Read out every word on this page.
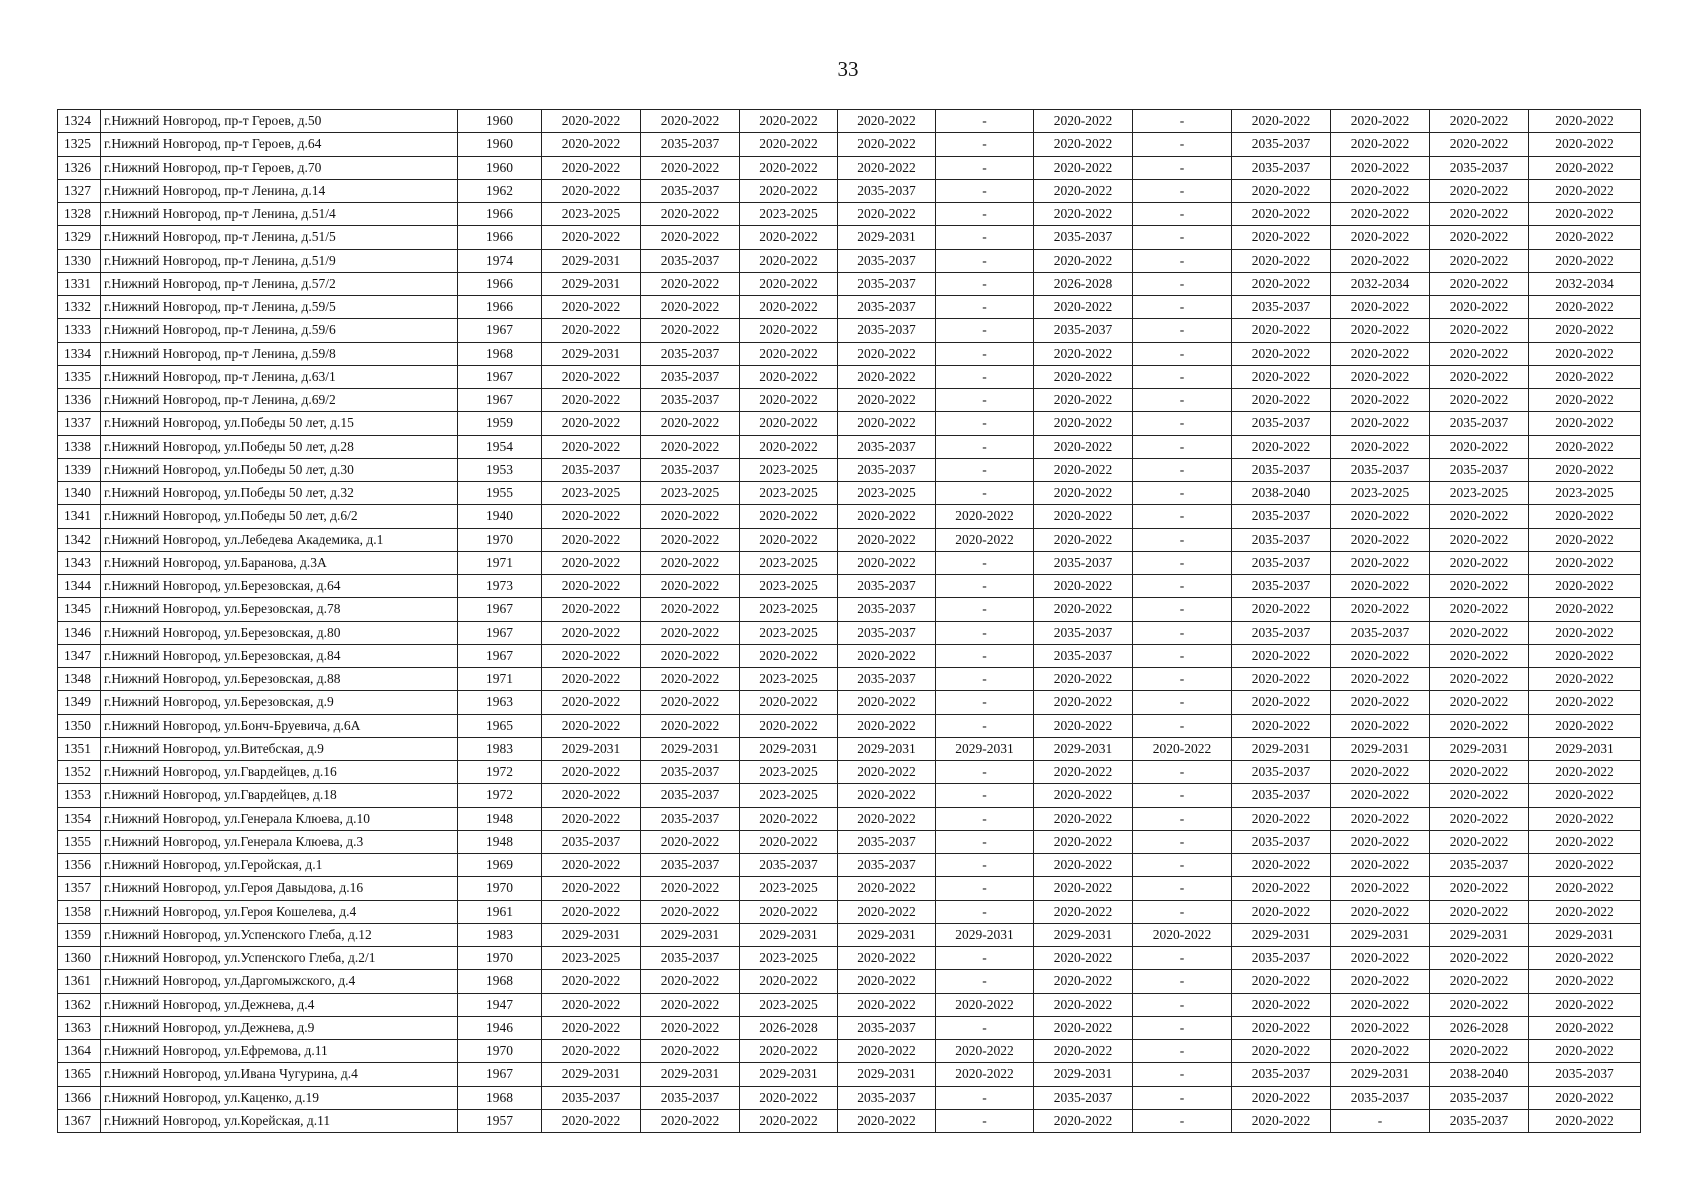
33
1324	г.Нижний Новгород, пр-т Героев, д.50	1960	2020-2022	2020-2022	2020-2022	2020-2022	-	2020-2022	-	2020-2022	2020-2022	2020-2022	2020-2022
1325	г.Нижний Новгород, пр-т Героев, д.64	1960	2020-2022	2035-2037	2020-2022	2020-2022	-	2020-2022	-	2035-2037	2020-2022	2020-2022	2020-2022
1326	г.Нижний Новгород, пр-т Героев, д.70	1960	2020-2022	2020-2022	2020-2022	2020-2022	-	2020-2022	-	2035-2037	2020-2022	2035-2037	2020-2022
1327	г.Нижний Новгород, пр-т Ленина, д.14	1962	2020-2022	2035-2037	2020-2022	2035-2037	-	2020-2022	-	2020-2022	2020-2022	2020-2022	2020-2022
1328	г.Нижний Новгород, пр-т Ленина, д.51/4	1966	2023-2025	2020-2022	2023-2025	2020-2022	-	2020-2022	-	2020-2022	2020-2022	2020-2022	2020-2022
1329	г.Нижний Новгород, пр-т Ленина, д.51/5	1966	2020-2022	2020-2022	2020-2022	2029-2031	-	2035-2037	-	2020-2022	2020-2022	2020-2022	2020-2022
1330	г.Нижний Новгород, пр-т Ленина, д.51/9	1974	2029-2031	2035-2037	2020-2022	2035-2037	-	2020-2022	-	2020-2022	2020-2022	2020-2022	2020-2022
1331	г.Нижний Новгород, пр-т Ленина, д.57/2	1966	2029-2031	2020-2022	2020-2022	2035-2037	-	2026-2028	-	2020-2022	2032-2034	2020-2022	2032-2034
1332	г.Нижний Новгород, пр-т Ленина, д.59/5	1966	2020-2022	2020-2022	2020-2022	2035-2037	-	2020-2022	-	2035-2037	2020-2022	2020-2022	2020-2022
1333	г.Нижний Новгород, пр-т Ленина, д.59/6	1967	2020-2022	2020-2022	2020-2022	2035-2037	-	2035-2037	-	2020-2022	2020-2022	2020-2022	2020-2022
1334	г.Нижний Новгород, пр-т Ленина, д.59/8	1968	2029-2031	2035-2037	2020-2022	2020-2022	-	2020-2022	-	2020-2022	2020-2022	2020-2022	2020-2022
1335	г.Нижний Новгород, пр-т Ленина, д.63/1	1967	2020-2022	2035-2037	2020-2022	2020-2022	-	2020-2022	-	2020-2022	2020-2022	2020-2022	2020-2022
1336	г.Нижний Новгород, пр-т Ленина, д.69/2	1967	2020-2022	2035-2037	2020-2022	2020-2022	-	2020-2022	-	2020-2022	2020-2022	2020-2022	2020-2022
1337	г.Нижний Новгород, ул.Победы 50 лет, д.15	1959	2020-2022	2020-2022	2020-2022	2020-2022	-	2020-2022	-	2035-2037	2020-2022	2035-2037	2020-2022
1338	г.Нижний Новгород, ул.Победы 50 лет, д.28	1954	2020-2022	2020-2022	2020-2022	2035-2037	-	2020-2022	-	2020-2022	2020-2022	2020-2022	2020-2022
1339	г.Нижний Новгород, ул.Победы 50 лет, д.30	1953	2035-2037	2035-2037	2023-2025	2035-2037	-	2020-2022	-	2035-2037	2035-2037	2035-2037	2020-2022
1340	г.Нижний Новгород, ул.Победы 50 лет, д.32	1955	2023-2025	2023-2025	2023-2025	2023-2025	-	2020-2022	-	2038-2040	2023-2025	2023-2025	2023-2025
1341	г.Нижний Новгород, ул.Победы 50 лет, д.6/2	1940	2020-2022	2020-2022	2020-2022	2020-2022	2020-2022	2020-2022	-	2035-2037	2020-2022	2020-2022	2020-2022
1342	г.Нижний Новгород, ул.Лебедева Академика, д.1	1970	2020-2022	2020-2022	2020-2022	2020-2022	2020-2022	2020-2022	-	2035-2037	2020-2022	2020-2022	2020-2022
1343	г.Нижний Новгород, ул.Баранова, д.3А	1971	2020-2022	2020-2022	2023-2025	2020-2022	-	2035-2037	-	2035-2037	2020-2022	2020-2022	2020-2022
1344	г.Нижний Новгород, ул.Березовская, д.64	1973	2020-2022	2020-2022	2023-2025	2035-2037	-	2020-2022	-	2035-2037	2020-2022	2020-2022	2020-2022
1345	г.Нижний Новгород, ул.Березовская, д.78	1967	2020-2022	2020-2022	2023-2025	2035-2037	-	2020-2022	-	2020-2022	2020-2022	2020-2022	2020-2022
1346	г.Нижний Новгород, ул.Березовская, д.80	1967	2020-2022	2020-2022	2023-2025	2035-2037	-	2035-2037	-	2035-2037	2035-2037	2020-2022	2020-2022
1347	г.Нижний Новгород, ул.Березовская, д.84	1967	2020-2022	2020-2022	2020-2022	2020-2022	-	2035-2037	-	2020-2022	2020-2022	2020-2022	2020-2022
1348	г.Нижний Новгород, ул.Березовская, д.88	1971	2020-2022	2020-2022	2023-2025	2035-2037	-	2020-2022	-	2020-2022	2020-2022	2020-2022	2020-2022
1349	г.Нижний Новгород, ул.Березовская, д.9	1963	2020-2022	2020-2022	2020-2022	2020-2022	-	2020-2022	-	2020-2022	2020-2022	2020-2022	2020-2022
1350	г.Нижний Новгород, ул.Бонч-Бруевича, д.6А	1965	2020-2022	2020-2022	2020-2022	2020-2022	-	2020-2022	-	2020-2022	2020-2022	2020-2022	2020-2022
1351	г.Нижний Новгород, ул.Витебская, д.9	1983	2029-2031	2029-2031	2029-2031	2029-2031	2029-2031	2029-2031	2020-2022	2029-2031	2029-2031	2029-2031	2029-2031
1352	г.Нижний Новгород, ул.Гвардейцев, д.16	1972	2020-2022	2035-2037	2023-2025	2020-2022	-	2020-2022	-	2035-2037	2020-2022	2020-2022	2020-2022
1353	г.Нижний Новгород, ул.Гвардейцев, д.18	1972	2020-2022	2035-2037	2023-2025	2020-2022	-	2020-2022	-	2035-2037	2020-2022	2020-2022	2020-2022
1354	г.Нижний Новгород, ул.Генерала Клюева, д.10	1948	2020-2022	2035-2037	2020-2022	2020-2022	-	2020-2022	-	2020-2022	2020-2022	2020-2022	2020-2022
1355	г.Нижний Новгород, ул.Генерала Клюева, д.3	1948	2035-2037	2020-2022	2020-2022	2035-2037	-	2020-2022	-	2035-2037	2020-2022	2020-2022	2020-2022
1356	г.Нижний Новгород, ул.Геройская, д.1	1969	2020-2022	2035-2037	2035-2037	2035-2037	-	2020-2022	-	2020-2022	2020-2022	2035-2037	2020-2022
1357	г.Нижний Новгород, ул.Героя Давыдова, д.16	1970	2020-2022	2020-2022	2023-2025	2020-2022	-	2020-2022	-	2020-2022	2020-2022	2020-2022	2020-2022
1358	г.Нижний Новгород, ул.Героя Кошелева, д.4	1961	2020-2022	2020-2022	2020-2022	2020-2022	-	2020-2022	-	2020-2022	2020-2022	2020-2022	2020-2022
1359	г.Нижний Новгород, ул.Успенского Глеба, д.12	1983	2029-2031	2029-2031	2029-2031	2029-2031	2029-2031	2029-2031	2020-2022	2029-2031	2029-2031	2029-2031	2029-2031
1360	г.Нижний Новгород, ул.Успенского Глеба, д.2/1	1970	2023-2025	2035-2037	2023-2025	2020-2022	-	2020-2022	-	2035-2037	2020-2022	2020-2022	2020-2022
1361	г.Нижний Новгород, ул.Даргомыжского, д.4	1968	2020-2022	2020-2022	2020-2022	2020-2022	-	2020-2022	-	2020-2022	2020-2022	2020-2022	2020-2022
1362	г.Нижний Новгород, ул.Дежнева, д.4	1947	2020-2022	2020-2022	2023-2025	2020-2022	2020-2022	2020-2022	-	2020-2022	2020-2022	2020-2022	2020-2022
1363	г.Нижний Новгород, ул.Дежнева, д.9	1946	2020-2022	2020-2022	2026-2028	2035-2037	-	2020-2022	-	2020-2022	2020-2022	2026-2028	2020-2022
1364	г.Нижний Новгород, ул.Ефремова, д.11	1970	2020-2022	2020-2022	2020-2022	2020-2022	2020-2022	2020-2022	-	2020-2022	2020-2022	2020-2022	2020-2022
1365	г.Нижний Новгород, ул.Ивана Чугурина, д.4	1967	2029-2031	2029-2031	2029-2031	2029-2031	2020-2022	2029-2031	-	2035-2037	2029-2031	2038-2040	2035-2037
1366	г.Нижний Новгород, ул.Каценко, д.19	1968	2035-2037	2035-2037	2020-2022	2035-2037	-	2035-2037	-	2020-2022	2035-2037	2035-2037	2020-2022
1367	г.Нижний Новгород, ул.Корейская, д.11	1957	2020-2022	2020-2022	2020-2022	2020-2022	-	2020-2022	-	2020-2022	-	2035-2037	2020-2022
